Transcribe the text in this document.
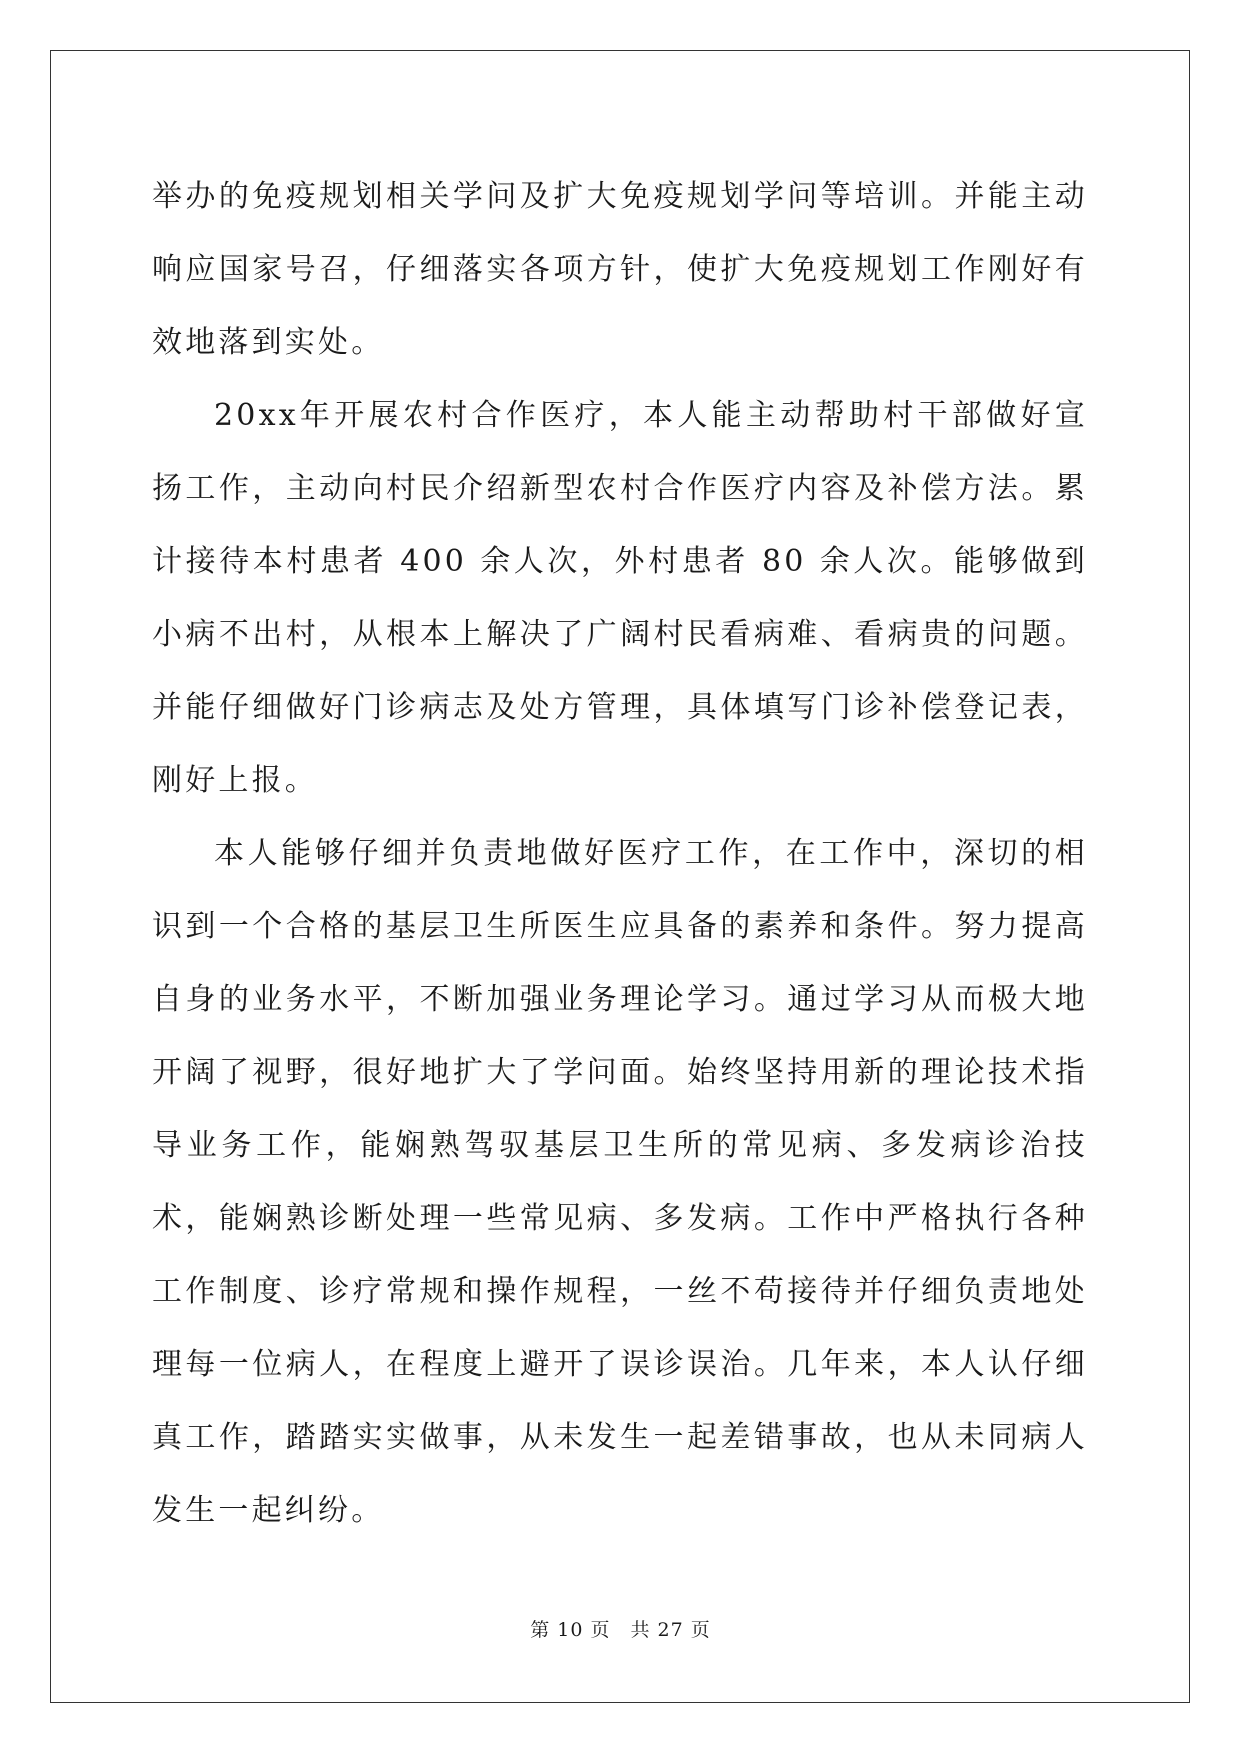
举办的免疫规划相关学问及扩大免疫规划学问等培训。并能主动响应国家号召，仔细落实各项方针，使扩大免疫规划工作刚好有效地落到实处。

20xx年开展农村合作医疗，本人能主动帮助村干部做好宣扬工作，主动向村民介绍新型农村合作医疗内容及补偿方法。累计接待本村患者 400 余人次，外村患者 80 余人次。能够做到小病不出村，从根本上解决了广阔村民看病难、看病贵的问题。并能仔细做好门诊病志及处方管理，具体填写门诊补偿登记表，刚好上报。

本人能够仔细并负责地做好医疗工作，在工作中，深切的相识到一个合格的基层卫生所医生应具备的素养和条件。努力提高自身的业务水平，不断加强业务理论学习。通过学习从而极大地开阔了视野，很好地扩大了学问面。始终坚持用新的理论技术指导业务工作，能娴熟驾驭基层卫生所的常见病、多发病诊治技术，能娴熟诊断处理一些常见病、多发病。工作中严格执行各种工作制度、诊疗常规和操作规程，一丝不苟接待并仔细负责地处理每一位病人，在程度上避开了误诊误治。几年来，本人认仔细真工作，踏踏实实做事，从未发生一起差错事故，也从未同病人发生一起纠纷。

第 10 页　共 27 页
